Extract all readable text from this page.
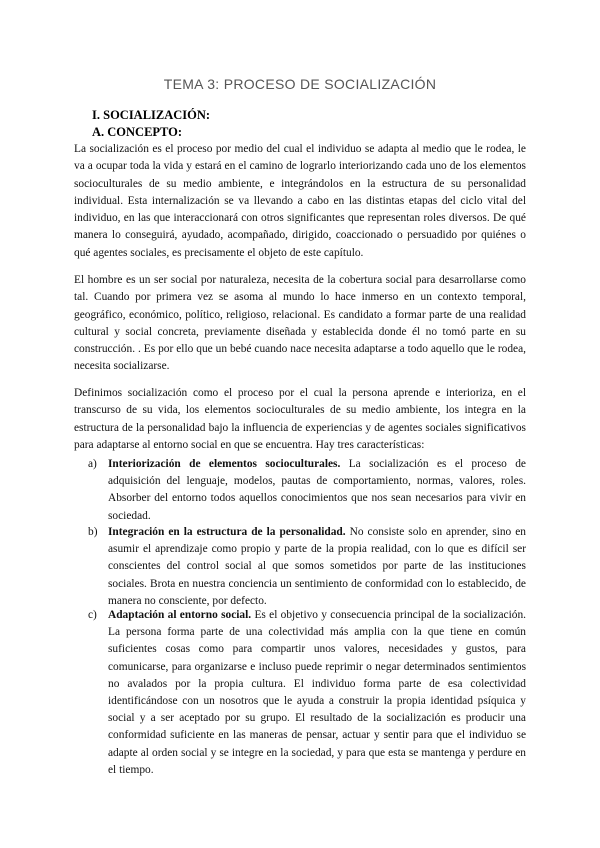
TEMA 3: PROCESO DE SOCIALIZACIÓN
I. SOCIALIZACIÓN:
A. CONCEPTO:

La socialización es el proceso por medio del cual el individuo se adapta al medio que le rodea, le va a ocupar toda la vida y estará en el camino de lograrlo interiorizando cada uno de los elementos socioculturales de su medio ambiente, e integrándolos en la estructura de su personalidad individual. Esta internalización se va llevando a cabo en las distintas etapas del ciclo vital del individuo, en las que interaccionará con otros significantes que representan roles diversos. De qué manera lo conseguirá, ayudado, acompañado, dirigido, coaccionado o persuadido por quiénes o qué agentes sociales, es precisamente el objeto de este capítulo.

El hombre es un ser social por naturaleza, necesita de la cobertura social para desarrollarse como tal. Cuando por primera vez se asoma al mundo lo hace inmerso en un contexto temporal, geográfico, económico, político, religioso, relacional. Es candidato a formar parte de una realidad cultural y social concreta, previamente diseñada y establecida donde él no tomó parte en su construcción. . Es por ello que un bebé cuando nace necesita adaptarse a todo aquello que le rodea, necesita socializarse.

Definimos socialización como el proceso por el cual la persona aprende e interioriza, en el transcurso de su vida, los elementos socioculturales de su medio ambiente, los integra en la estructura de la personalidad bajo la influencia de experiencias y de agentes sociales significativos para adaptarse al entorno social en que se encuentra. Hay tres características:

a) Interiorización de elementos socioculturales. La socialización es el proceso de adquisición del lenguaje, modelos, pautas de comportamiento, normas, valores, roles. Absorber del entorno todos aquellos conocimientos que nos sean necesarios para vivir en sociedad.
b) Integración en la estructura de la personalidad. No consiste solo en aprender, sino en asumir el aprendizaje como propio y parte de la propia realidad, con lo que es difícil ser conscientes del control social al que somos sometidos por parte de las instituciones sociales. Brota en nuestra conciencia un sentimiento de conformidad con lo establecido, de manera no consciente, por defecto.
c) Adaptación al entorno social. Es el objetivo y consecuencia principal de la socialización. La persona forma parte de una colectividad más amplia con la que tiene en común suficientes cosas como para compartir unos valores, necesidades y gustos, para comunicarse, para organizarse e incluso puede reprimir o negar determinados sentimientos no avalados por la propia cultura. El individuo forma parte de esa colectividad identificándose con un nosotros que le ayuda a construir la propia identidad psíquica y social y a ser aceptado por su grupo. El resultado de la socialización es producir una conformidad suficiente en las maneras de pensar, actuar y sentir para que el individuo se adapte al orden social y se integre en la sociedad, y para que esta se mantenga y perdure en el tiempo.
